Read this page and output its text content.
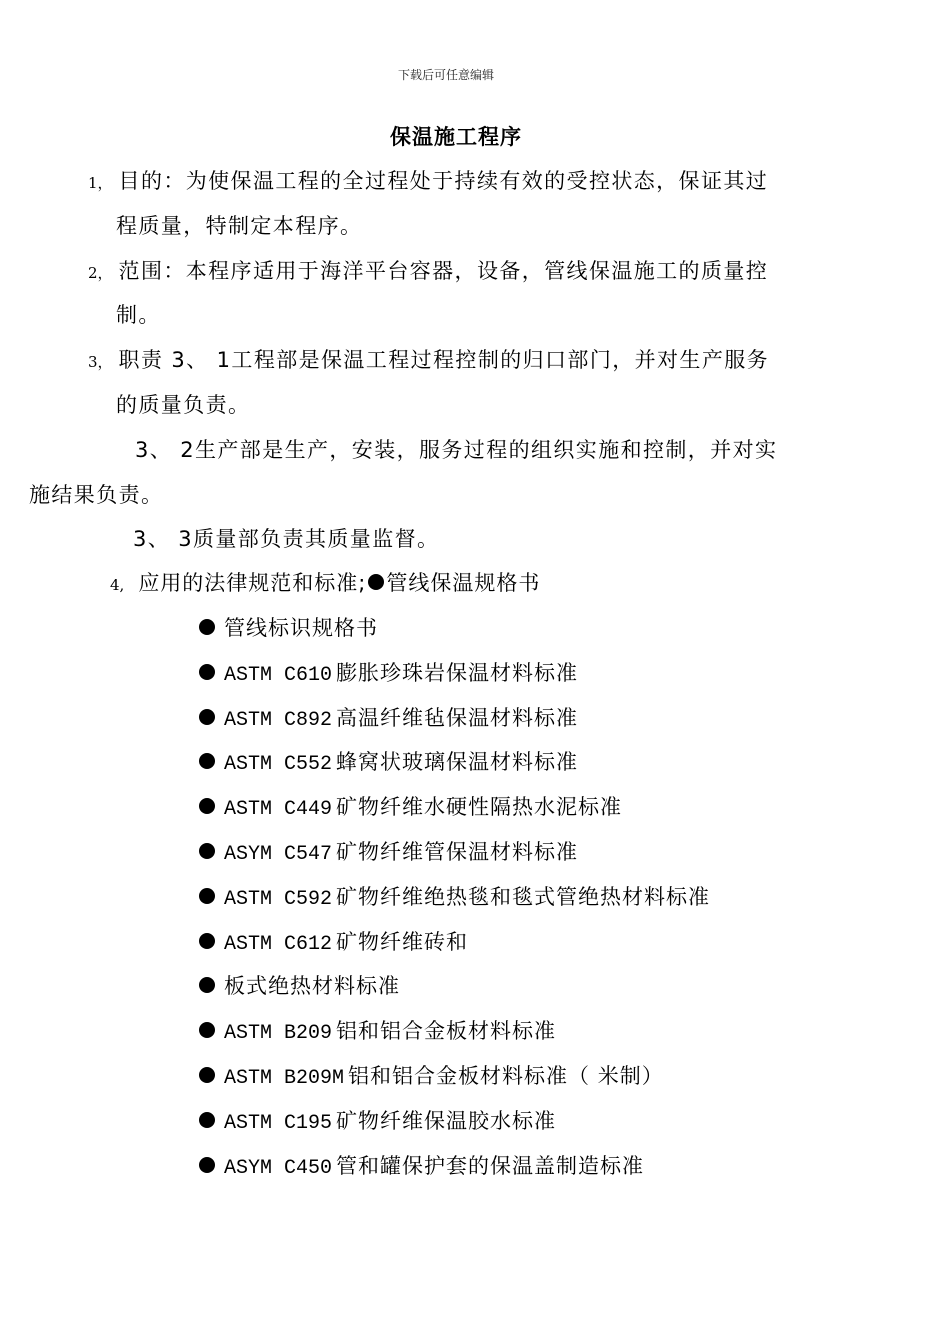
下载后可任意编辑
保温施工程序
1， 目的：为使保温工程的全过程处于持续有效的受控状态，保证其过
程质量，特制定本程序。
2， 范围：本程序适用于海洋平台容器，设备，管线保温施工的质量控
制。
3， 职责 3、 1工程部是保温工程过程控制的归口部门，并对生产服务
的质量负责。
3、 2生产部是生产，安装，服务过程的组织实施和控制，并对实
施结果负责。
3、 3质量部负责其质量监督。
4, 应用的法律规范和标准; 管线保温规格书
管线标识规格书
ASTM C610 膨胀珍珠岩保温材料标准
ASTM C892 高温纤维毡保温材料标准
ASTM C552 蜂窝状玻璃保温材料标准
ASTM C449 矿物纤维水硬性隔热水泥标准
ASYM C547 矿物纤维管保温材料标准
ASTM C592 矿物纤维绝热毯和毯式管绝热材料标准
ASTM C612 矿物纤维砖和
板式绝热材料标准
ASTM B209 铝和铝合金板材料标准
ASTM B209M 铝和铝合金板材料标准（ 米制）
ASTM C195 矿物纤维保温胶水标准
ASYM C450 管和罐保护套的保温盖制造标准
